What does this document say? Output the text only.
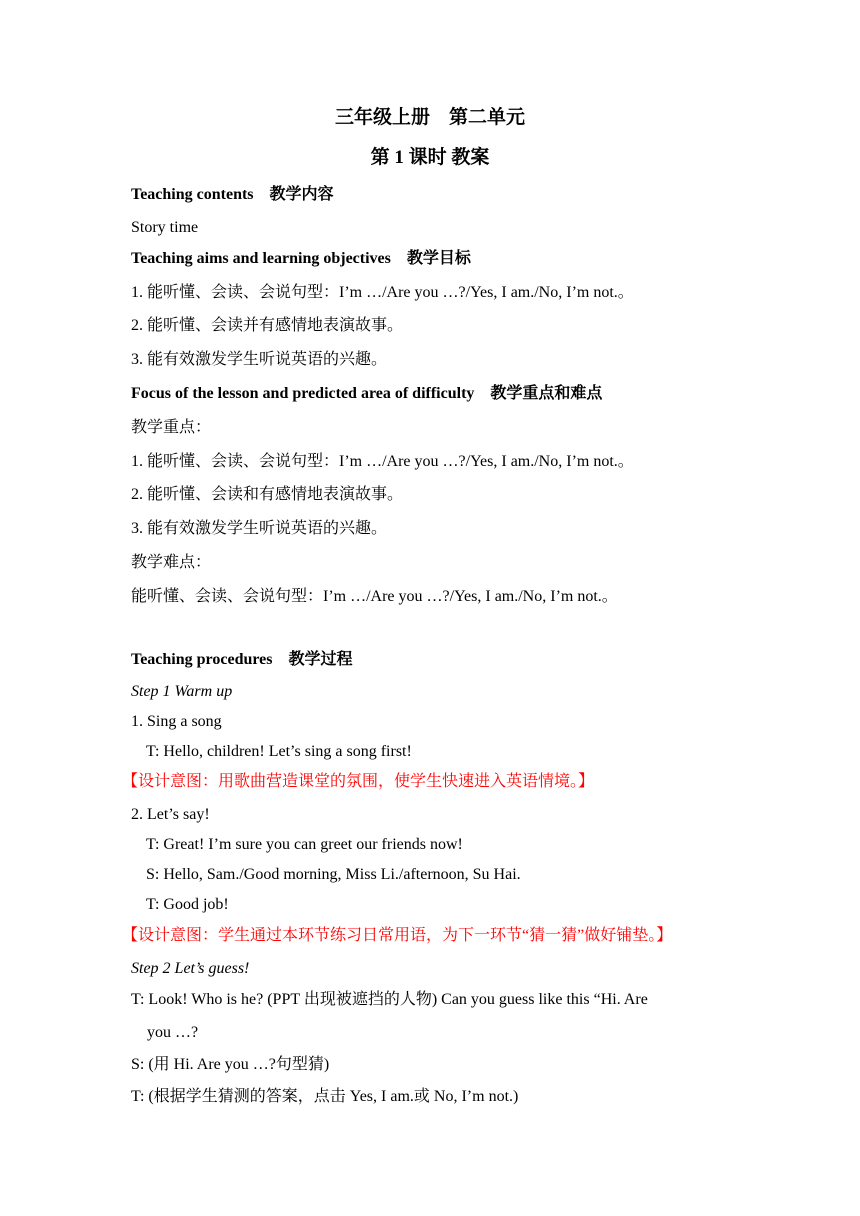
三年级上册　第二单元

第 1 课时 教案

Teaching contents　教学内容

Story time

Teaching aims and learning objectives　教学目标

1. 能听懂、会读、会说句型：I’m …/Are you …?/Yes, I am./No, I’m not.。

2. 能听懂、会读并有感情地表演故事。

3. 能有效激发学生听说英语的兴趣。

Focus of the lesson and predicted area of difficulty　教学重点和难点

教学重点：

1. 能听懂、会读、会说句型：I’m …/Are you …?/Yes, I am./No, I’m not.。

2. 能听懂、会读和有感情地表演故事。

3. 能有效激发学生听说英语的兴趣。

教学难点：

能听懂、会读、会说句型：I’m …/Are you …?/Yes, I am./No, I’m not.。

Teaching procedures　教学过程

Step 1 Warm up

1. Sing a song

T: Hello, children! Let’s sing a song first!

【设计意图：用歌曲营造课堂的氛围，使学生快速进入英语情境。】

2. Let’s say!

T: Great! I’m sure you can greet our friends now!

S: Hello, Sam./Good morning, Miss Li./afternoon, Su Hai.

T: Good job!

【设计意图：学生通过本环节练习日常用语，为下一环节“猜一猜”做好铺垫。】

Step 2 Let’s guess!

T: Look! Who is he? (PPT 出现被遮挡的人物) Can you guess like this “Hi. Are

you …?

S: (用 Hi. Are you …?句型猜)

T: (根据学生猜测的答案，点击 Yes, I am.或 No, I’m not.)
